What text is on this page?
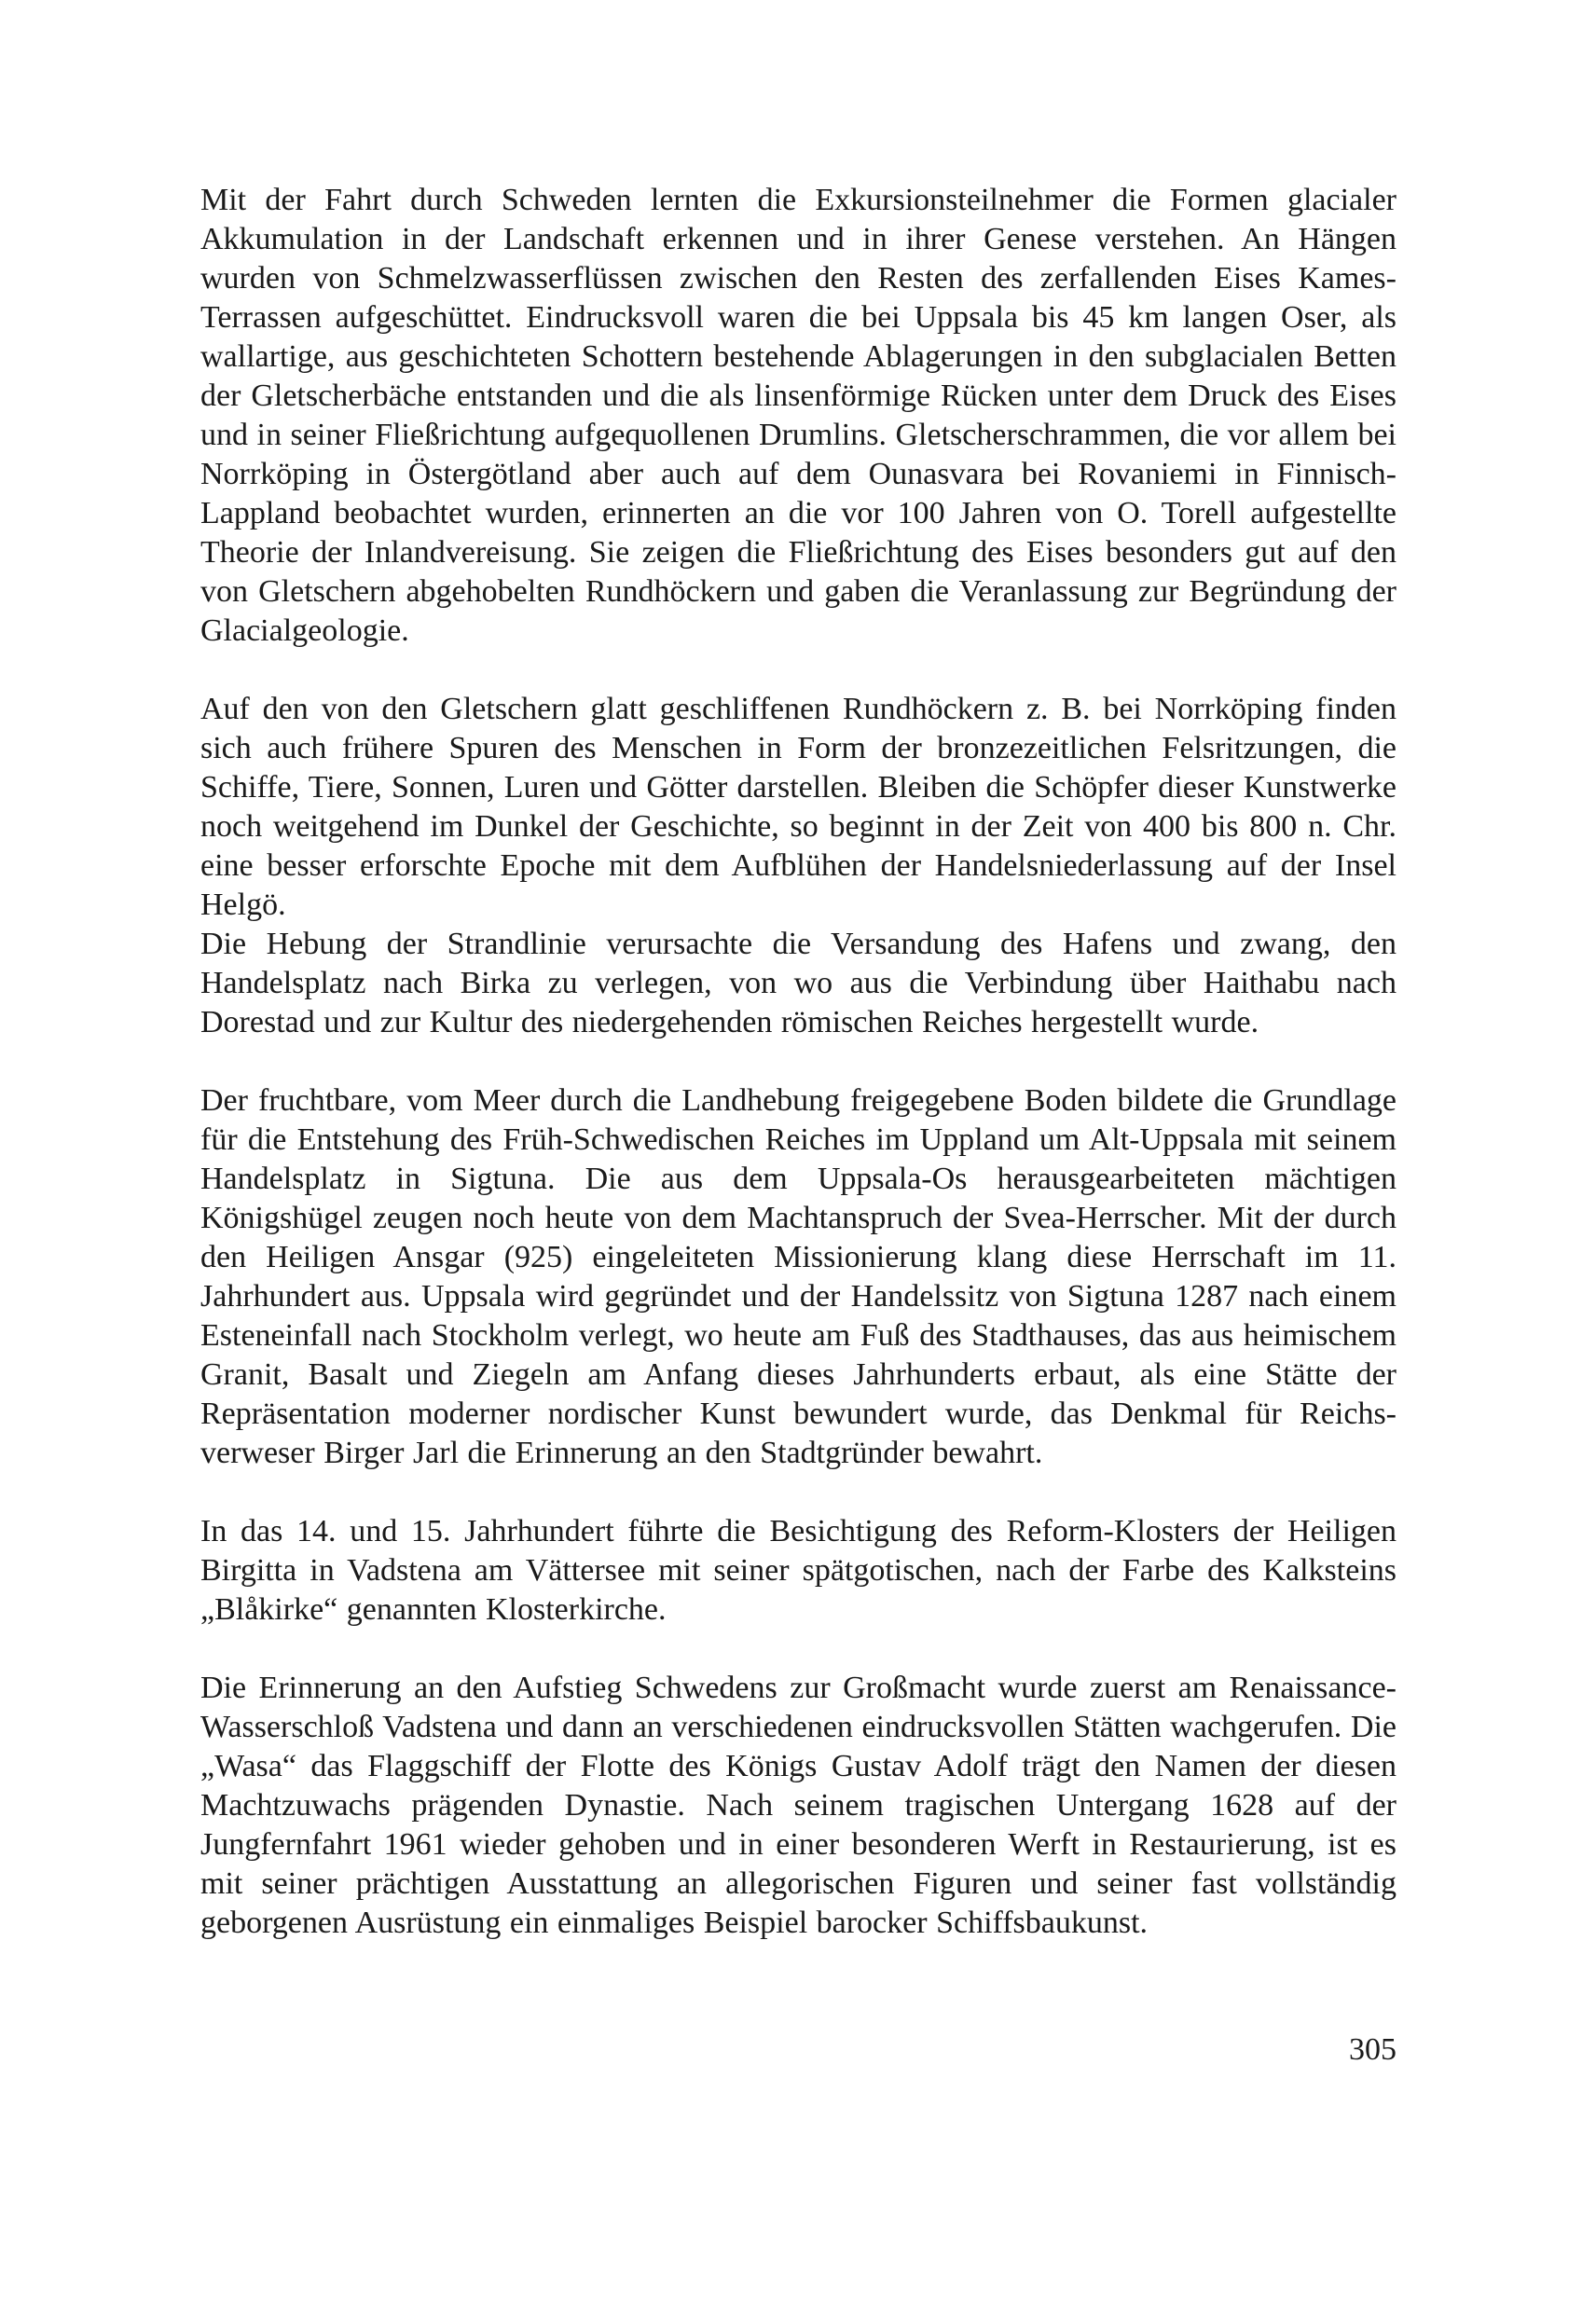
Mit der Fahrt durch Schweden lernten die Exkursionsteilnehmer die Formen glacialer Akkumulation in der Landschaft erkennen und in ihrer Genese verstehen. An Hängen wurden von Schmelzwasserflüssen zwischen den Resten des zerfallenden Eises Kames-Terrassen aufgeschüttet. Eindrucksvoll waren die bei Uppsala bis 45 km langen Oser, als wallartige, aus geschichteten Schottern bestehende Ablagerungen in den subglacialen Betten der Gletscherbäche entstanden und die als linsenförmige Rücken unter dem Druck des Eises und in seiner Fließrichtung aufgequollenen Drumlins. Gletscherschrammen, die vor allem bei Norrköping in Östergötland aber auch auf dem Ounasvara bei Rovaniemi in Finnisch-Lappland beobachtet wurden, erinnerten an die vor 100 Jahren von O. Torell aufgestellte Theorie der Inlandvereisung. Sie zeigen die Fließrichtung des Eises besonders gut auf den von Gletschern abgehobelten Rundhöckern und gaben die Veranlassung zur Begründung der Glacialgeologie.

Auf den von den Gletschern glatt geschliffenen Rundhöckern z. B. bei Norrköping finden sich auch frühere Spuren des Menschen in Form der bronzezeitlichen Felsritzungen, die Schiffe, Tiere, Sonnen, Luren und Götter darstellen. Bleiben die Schöpfer dieser Kunstwerke noch weitgehend im Dunkel der Geschichte, so beginnt in der Zeit von 400 bis 800 n. Chr. eine besser erforschte Epoche mit dem Aufblühen der Handelsniederlassung auf der Insel Helgö.

Die Hebung der Strandlinie verursachte die Versandung des Hafens und zwang, den Handelsplatz nach Birka zu verlegen, von wo aus die Verbindung über Haithabu nach Dorestad und zur Kultur des niedergehenden römischen Reiches hergestellt wurde.

Der fruchtbare, vom Meer durch die Landhebung freigegebene Boden bildete die Grundlage für die Entstehung des Früh-Schwedischen Reiches im Uppland um Alt-Uppsala mit seinem Handelsplatz in Sigtuna. Die aus dem Uppsala-Os herausgearbeiteten mächtigen Königshügel zeugen noch heute von dem Machtanspruch der Svea-Herrscher. Mit der durch den Heiligen Ansgar (925) eingeleiteten Missionierung klang diese Herrschaft im 11. Jahrhundert aus. Uppsala wird gegründet und der Handelssitz von Sigtuna 1287 nach einem Esteneinfall nach Stockholm verlegt, wo heute am Fuß des Stadthauses, das aus heimischem Granit, Basalt und Ziegeln am Anfang dieses Jahrhunderts erbaut, als eine Stätte der Repräsentation moderner nordischer Kunst bewundert wurde, das Denkmal für Reichsverweser Birger Jarl die Erinnerung an den Stadtgründer bewahrt.

In das 14. und 15. Jahrhundert führte die Besichtigung des Reform-Klosters der Heiligen Birgitta in Vadstena am Vättersee mit seiner spätgotischen, nach der Farbe des Kalksteins „Blåkirke“ genannten Klosterkirche.

Die Erinnerung an den Aufstieg Schwedens zur Großmacht wurde zuerst am Renaissance-Wasserschloß Vadstena und dann an verschiedenen eindrucksvollen Stätten wachgerufen. Die „Wasa“ das Flaggschiff der Flotte des Königs Gustav Adolf trägt den Namen der diesen Machtzuwachs prägenden Dynastie. Nach seinem tragischen Untergang 1628 auf der Jungfernfahrt 1961 wieder gehoben und in einer besonderen Werft in Restaurierung, ist es mit seiner prächtigen Ausstattung an allegorischen Figuren und seiner fast vollständig geborgenen Ausrüstung ein einmaliges Beispiel barocker Schiffsbaukunst.

305
